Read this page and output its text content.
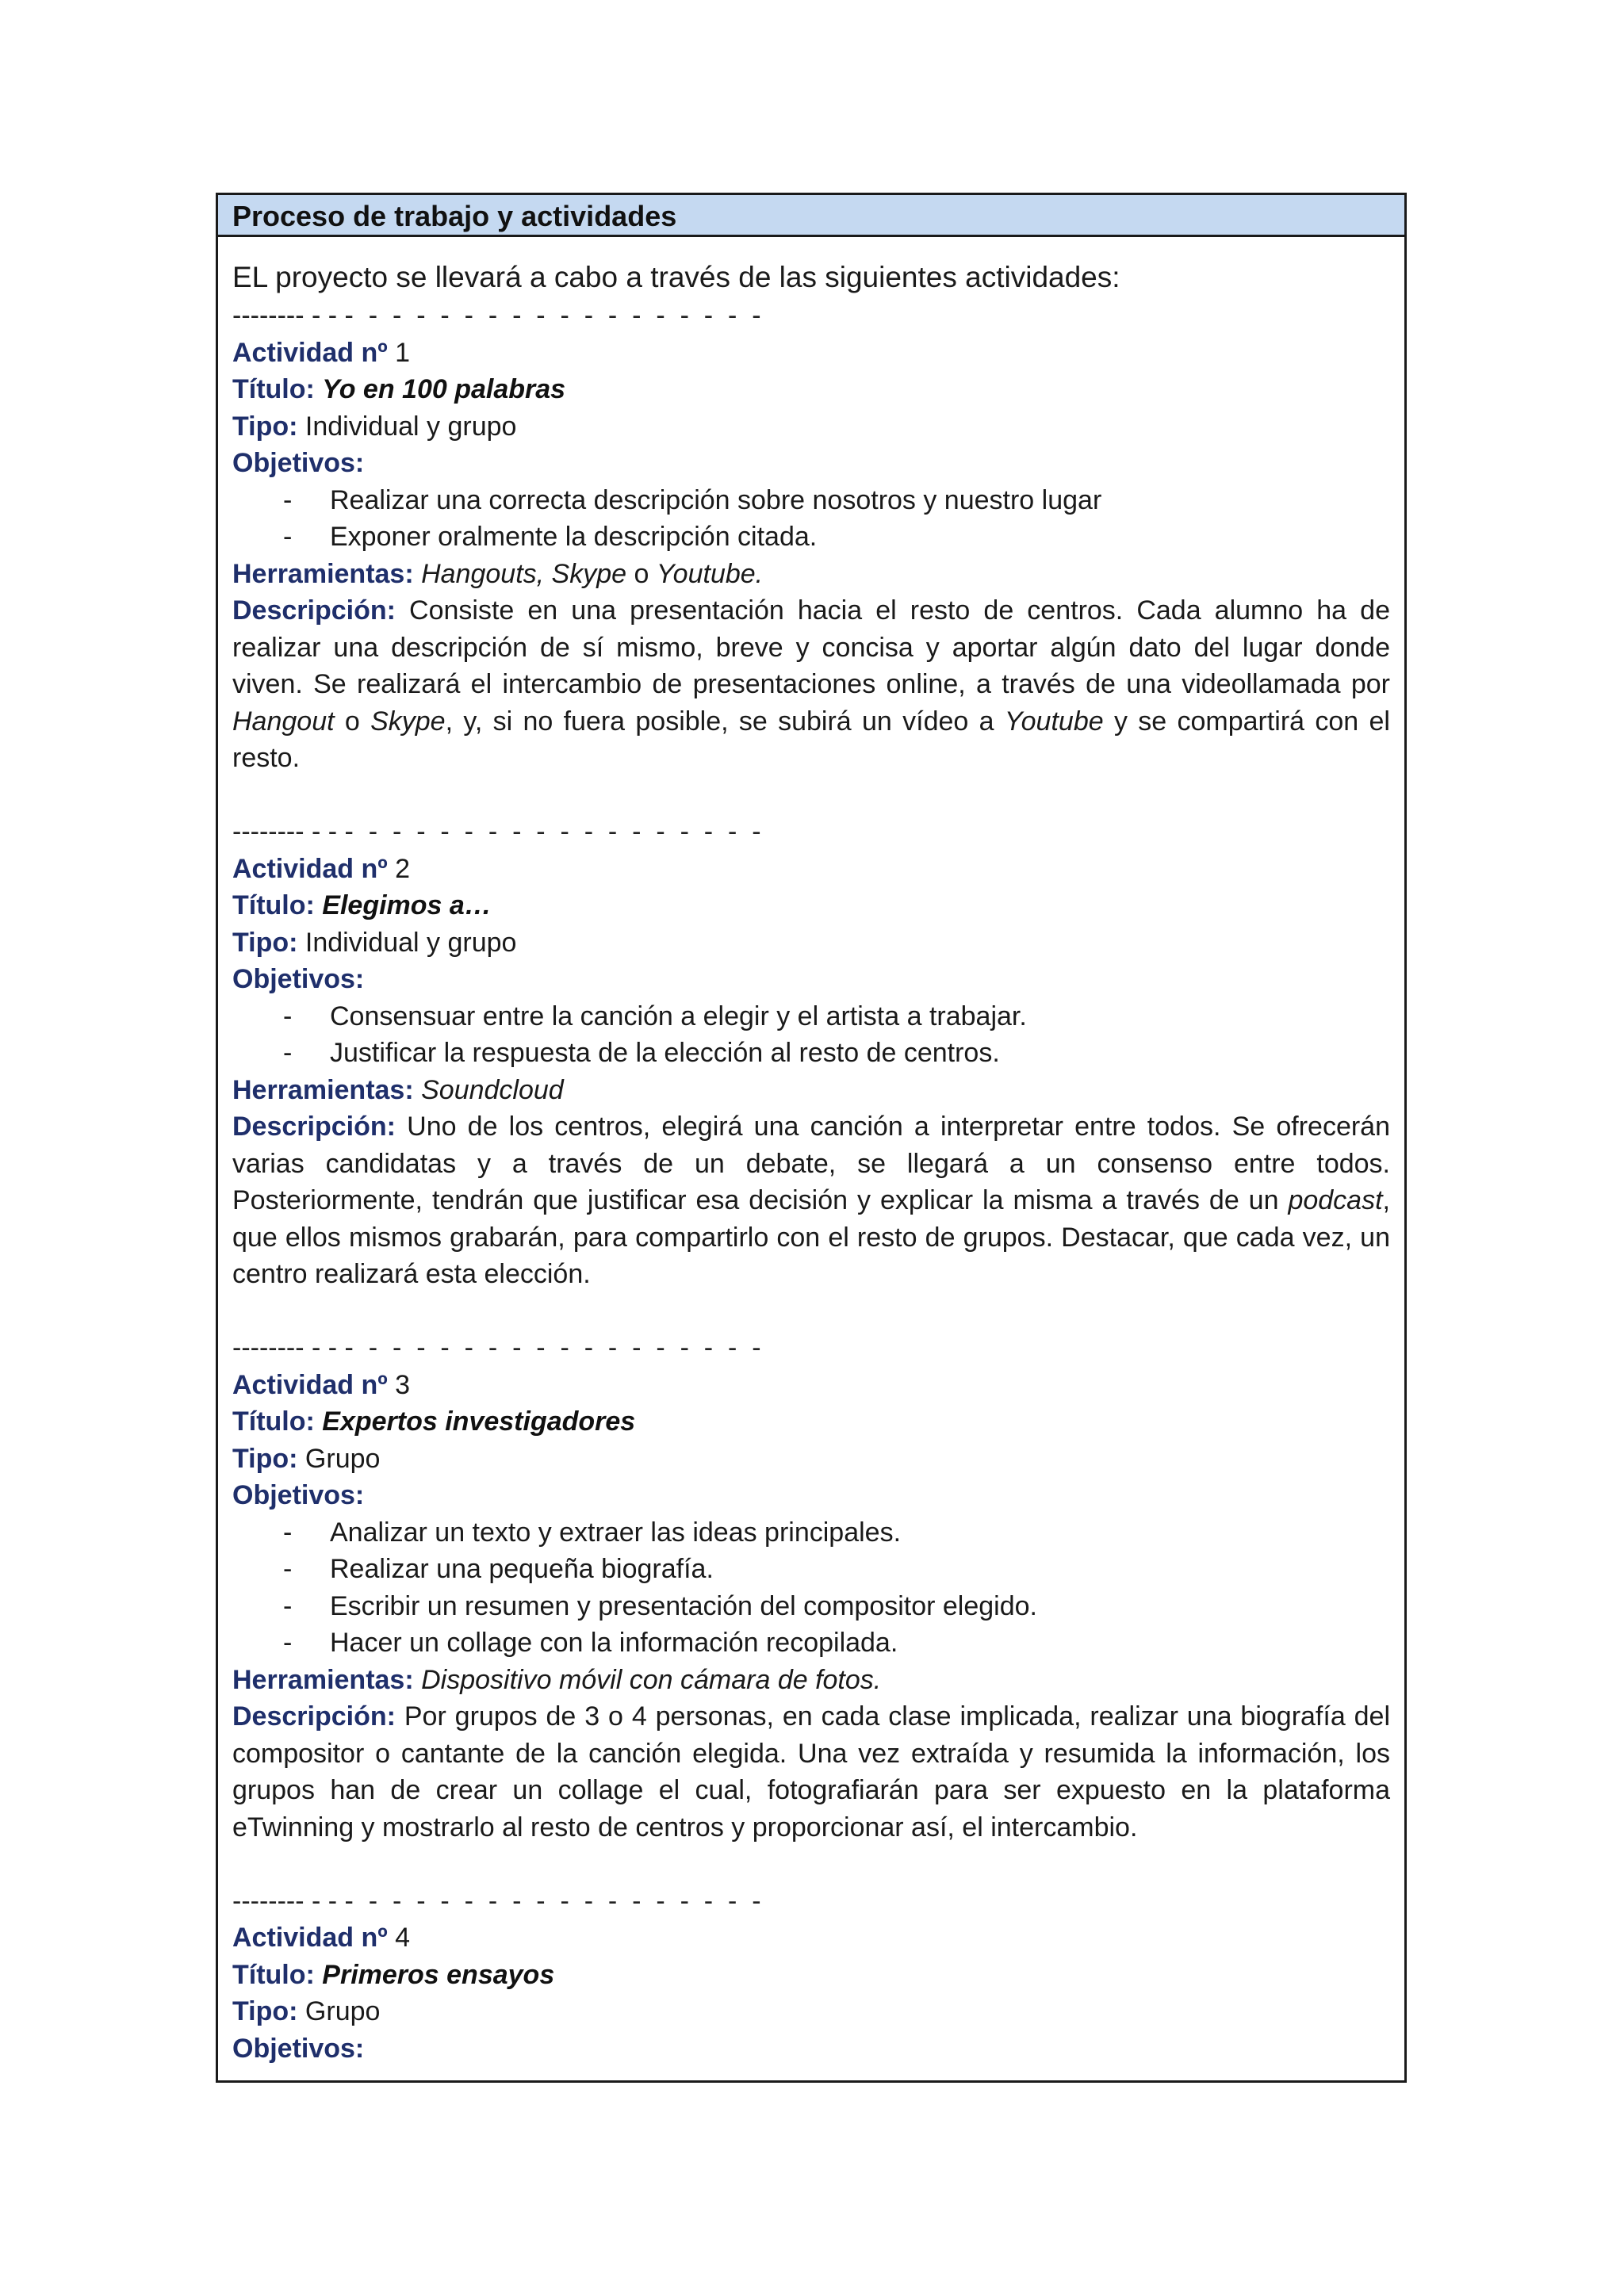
Proceso de trabajo y actividades
EL proyecto se llevará a cabo a través de las siguientes actividades:
-------- - - -  -  -  -  -  -  -  -  -  -  -  -  -  -  -  -  -  -
Actividad nº 1
Título: Yo en 100 palabras
Tipo: Individual y grupo
Objetivos:
- Realizar una correcta descripción sobre nosotros y nuestro lugar
- Exponer oralmente la descripción citada.
Herramientas: Hangouts, Skype o Youtube.
Descripción: Consiste en una presentación hacia el resto de centros. Cada alumno ha de realizar una descripción de sí mismo, breve y concisa y aportar algún dato del lugar donde viven. Se realizará el intercambio de presentaciones online, a través de una videollamada por Hangout o Skype, y, si no fuera posible, se subirá un vídeo a Youtube y se compartirá con el resto.
-------- - - -  -  -  -  -  -  -  -  -  -  -  -  -  -  -  -  -  -
Actividad nº 2
Título: Elegimos a…
Tipo: Individual y grupo
Objetivos:
- Consensuar entre la canción a elegir y el artista a trabajar.
- Justificar la respuesta de la elección al resto de centros.
Herramientas: Soundcloud
Descripción: Uno de los centros, elegirá una canción a interpretar entre todos. Se ofrecerán varias candidatas y a través de un debate, se llegará a un consenso entre todos. Posteriormente, tendrán que justificar esa decisión y explicar la misma a través de un podcast, que ellos mismos grabarán, para compartirlo con el resto de grupos. Destacar, que cada vez, un centro realizará esta elección.
-------- - - -  -  -  -  -  -  -  -  -  -  -  -  -  -  -  -  -  -
Actividad nº 3
Título: Expertos investigadores
Tipo: Grupo
Objetivos:
- Analizar un texto y extraer las ideas principales.
- Realizar una pequeña biografía.
- Escribir un resumen y presentación del compositor elegido.
- Hacer un collage con la información recopilada.
Herramientas: Dispositivo móvil con cámara de fotos.
Descripción: Por grupos de 3 o 4 personas, en cada clase implicada, realizar una biografía del compositor o cantante de la canción elegida. Una vez extraída y resumida la información, los grupos han de crear un collage el cual, fotografiarán para ser expuesto en la plataforma eTwinning y mostrarlo al resto de centros y proporcionar así, el intercambio.
-------- - - -  -  -  -  -  -  -  -  -  -  -  -  -  -  -  -  -  -
Actividad nº 4
Título: Primeros ensayos
Tipo: Grupo
Objetivos:
